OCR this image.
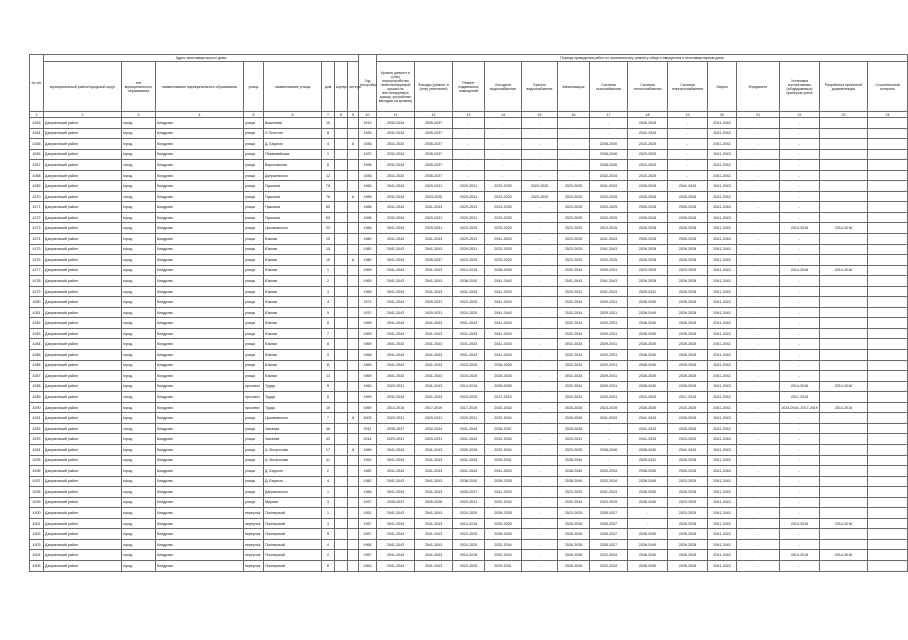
№ п/п	Адрес многоквартирного дома								Год постройки	Период проведения работ по капитальному ремонту общего имущества в многоквартирном доме													
	муниципальный район/городской округ	тип муниципального образования	наименование муниципального образования	улица	наименование улицы	дом	корпус	литера		Кровля (ремонт и (или) переустройство невентилируемой крыши на вентилируемую крышу, устройство выходов на кровлю)	Фасады (ремонт и (или) утепление)	Ремонт подвальных помещений	Холодное водоснабжение	Горячее водоснабжение	Канализация	Система газоснабжения	Система теплоснабжения	Система электроснабжения	Лифты	Фундамент	Установка коллективных (общедомовых) приборов учета	Разработка проектной документации	Строительный контроль
1	2	3	4	5	6	7	8	9	10	11	12	13	14	15	16	17	18	19	20	21	22	23	24
4263	Дзержинский район	город	Кондрово	улица	Вишневая	15			1919	2032-2034	2035-2037	-	-	-	-	-	2026-2028	-	2041-2043	-	-		
4264	Дзержинский район	город	Кондрово	улица	Л.Толстого	8			1928	2032-2034	2035-2037	-	-	-	-	-	2032-2034	-	2041-2043	-	-		
4265	Дзержинский район	город	Кондрово	улица	Д. Бедного	4		А	1936	2032-2034	2035-2037	-	-	-	-	2038-2040	2023-2025	-	2041-2043	-	-		
4266	Дзержинский район	город	Кондрово	улица	Первомайская	1			1937	2032-2034	2035-2037	-	-	-	-	2038-2040	2023-2025	-	2041-2043	-	-		
4267	Дзержинский район	город	Кондрово	улица	Вороновская	6			1938	2032-2034	2035-2037	-	-	-	-	2038-2040	2023-2025	-	2041-2043	-	-		
4268	Дзержинский район	город	Кондрово	улица	Дзержинского	12			1936	2032-2034	2035-2037	-	-	-	-	2032-2034	2023-2025	-	2041-2043	-	-		
4269	Дзержинский район	город	Кондрово	улица	Пушкина	78			1965	2041-2043	2029-2031	2029-2031	2023-2025	2023-2025	2023-2025	2041-2043	2026-2028	2041-2043	2041-2043	-	-		
4270	Дзержинский район	город	Кондрово	улица	Пушкина	78		А	1986	2032-2034	2023-2025	2029-2031	2023-2025	2023-2025	2023-2025	2023-2025	2026-2028	2026-2028	2041-2043	-	-		
4271	Дзержинский район	город	Кондрово	улица	Пушкина	80			1986	2041-2043	2041-2043	2029-2031	2023-2025	-	2023-2025	2023-2025	2026-2028	2026-2028	2041-2043	-	-		
4272	Дзержинский район	город	Кондрово	улица	Пушкина	90			1998	2032-2034	2029-2031	2029-2031	2023-2025	-	2023-2025	2023-2025	2026-2028	2026-2028	2041-2043	-	-		
4273	Дзержинский район	город	Кондрово	улица	Циолковского	23			1986	2041-2043	2029-2031	2023-2025	2023-2025	-	2023-2025	2014-2015	2026-2028	2026-2028	2041-2043	-	2014-2016	2014-2016	
4274	Дзержинский район	город	Кондрово	улица	Южная	10			1980	2041-2043	2041-2043	2029-2031	2041-2043	-	2023-2025	2041-2043	2026-2028	2026-2028	2041-2043	-	-		
4275	Дзержинский район	город	Кондрово	улица	Южная	15			1980	2041-2043	2041-2043	2029-2031	2023-2025	-	2023-2025	2041-2043	2026-2028	2026-2028	2041-2043	-	-		
4276	Дзержинский район	город	Кондрово	улица	Южная	15		А	1980	2041-2043	2035-2037	2023-2025	2023-2025	-	2023-2025	2023-2025	2026-2028	2026-2028	2041-2043	-	-		
4277	Дзержинский район	город	Кондрово	улица	Южная	1			1969	2041-2043	2041-2043	2014-2015	2026-2028	-	2032-2034	2029-2031	2023-2025	2023-2025	2041-2043	-	2014-2016	2014-2016	
4278	Дзержинский район	город	Кондрово	улица	Южная	2			1969	2041-2043	2041-2043	2038-2040	2041-2043	-	2041-2043	2041-2043	2026-2028	2026-2028	2041-2043	-	-		
4279	Дзержинский район	город	Кондрово	улица	Южная	3			1969	2041-2043	2041-2043	2041-2043	2041-2043	-	2029-2031	2041-2043	2029-2031	2026-2028	2041-2043	-	-		
4280	Дзержинский район	город	Кондрово	улица	Южная	4			1974	2041-2043	2029-2031	2023-2025	2041-2043	-	2032-2034	2029-2031	2038-2040	2026-2028	2041-2043	-	-		
4281	Дзержинский район	город	Кондрово	улица	Южная	5			1970	2041-2043	2029-2031	2023-2025	2041-2043	-	2032-2034	2029-2031	2038-2040	2026-2028	2041-2043	-	-		
4282	Дзержинский район	город	Кондрово	улица	Южная	6			1969	2041-2043	2041-2043	2041-2043	2041-2043	-	2032-2034	2029-2031	2038-2040	2026-2028	2041-2043	-	-		
4283	Дзержинский район	город	Кондрово	улица	Южная	7			1969	2041-2043	2041-2043	2041-2043	2041-2043	-	2032-2034	2029-2031	2038-2040	2026-2028	2041-2043	-	-		
4284	Дзержинский район	город	Кондрово	улица	Южная	8			1969	2041-2043	2041-2043	2041-2043	2041-2043	-	2032-2034	2029-2031	2038-2040	2026-2028	2041-2043	-	-		
4285	Дзержинский район	город	Кондрово	улица	Южная	9			1968	2041-2043	2041-2043	2041-2043	2041-2043	-	2032-2034	2029-2031	2038-2040	2026-2028	2041-2043	-	-		
4286	Дзержинский район	город	Кондрово	улица	Южная	11			1969	2041-2043	2041-2043	2023-2025	2026-2028	-	2032-2034	2029-2031	2038-2040	2026-2028	2041-2043	-	-		
4287	Дзержинский район	город	Кондрово	улица	Южная	13			1969	2041-2043	2041-2043	2023-2025	2026-2028	-	2032-2034	2029-2031	2038-2040	2026-2028	2041-2043	-	-		
4288	Дзержинский район	город	Кондрово	проспект	Труда	5			1960	2029-2031	2041-2043	2014-2016	2026-2028	-	2032-2034	2029-2031	2038-2040	2026-2028	2041-2043	-	2014-2016	2014-2016	
4289	Дзержинский район	город	Кондрово	проспект	Труда	6			1959	2032-2034	2041-2043	2023-2025	2017-2019	-	2032-2034	2029-2031	2023-2025	2017-2019	2041-2043	-	2017-2019		
4290	Дзержинский район	город	Кондрово	проспект	Труда	10			1959	2014-2016	2017-2019	2017-2019	2032-2034	-	2026-2028	2023-2025	2038-2040	2023-2025	2041-2043	-	2014-2016, 2017-2019	2014-2016	
4291	Дзержинский район	город	Кондрово	улица	Циолковского	7		А	2009	2029-2031	2029-2031	2029-2031	2032-2034	-	2026-2028	2041-2043	2041-2043	2026-2028	2041-2043	-	-		
4292	Дзержинский район	город	Кондрово	улица	Чапаева	46			2011	2035-2037	2032-2034	2041-2043	2035-2037	-	2026-2028	-	2041-2043	2026-2028	2041-2043	-	-		
4293	Дзержинский район	город	Кондрово	улица	Чапаева	42			2014	2029-2031	2029-2031	2041-2043	2032-2034	-	2029-2031	-	2041-2043	2023-2025	2041-2043	-	-		
4294	Дзержинский район	город	Кондрово	улица	А. Матросова	17		А	1989	2041-2043	2041-2043	2026-2028	2032-2034	-	2023-2025	2038-2040	2038-2040	2041-2043	2041-2043	-	-		
4295	Дзержинский район	город	Кондрово	улица	А. Матросова	41			1952	2041-2043	2041-2043	2041-2043	2029-2031	-	2038-2040	-	2029-2031	2026-2028	2041-2043	-	-		
4296	Дзержинский район	город	Кондрово	улица	Д. Бедного	2			1982	2041-2043	2041-2043	2041-2043	2041-2043	-	2038-2040	2032-2034	2038-2040	2026-2028	2041-2043	-	-		
4297	Дзержинский район	город	Кондрово	улица	Д. Бедного	4			1982	2041-2043	2041-2043	2038-2040	2026-2028	-	2038-2040	2032-2034	2038-2040	2023-2025	2041-2043	-	-		
4298	Дзержинский район	город	Кондрово	улица	Дзержинского	1			1986	2041-2043	2041-2043	2035-2037	2041-2043	-	2023-2025	2041-2043	2038-2040	2026-2028	2041-2043	-	-		
4299	Дзержинский район	город	Кондрово	улица	Мирная	3			1937	2035-2037	2026-2028	2029-2031	2032-2034	-	2032-2034	2023-2025	2038-2040	2023-2025	2041-2043	-	-		
4300	Дзержинский район	город	Кондрово	переулок	Пионерский	1			1951	2041-2043	2041-2043	2023-2025	2026-2028	-	2023-2025	2035-2037	-	2023-2025	2041-2043	-	-		
4301	Дзержинский район	город	Кондрово	переулок	Пионерский	3			1957	2041-2043	2041-2043	2014-2016	2026-2028	-	2026-2028	2035-2037	-	2026-2028	2041-2043	-	2014-2016	2014-2016	
4302	Дзержинский район	город	Кондрово	переулок	Пионерский	5			1957	2041-2043	2041-2043	2023-2025	2026-2028	-	2026-2028	2035-2037	2038-2040	2026-2028	2041-2043	-	-		
4303	Дзержинский район	город	Кондрово	переулок	Пионерский	4			1966	2041-2043	2041-2043	2023-2025	2032-2034	-	2026-2028	2035-2037	2038-2040	2026-2028	2041-2043	-	-		
4304	Дзержинский район	город	Кондрово	переулок	Пионерский	2			1957	2041-2043	2041-2043	2014-2016	2032-2034	-	2026-2028	2032-2034	2038-2040	2026-2028	2041-2043	-	2014-2016	2014-2016	
4305	Дзержинский район	город	Кондрово	переулок	Пионерский	6			1963	2041-2043	2041-2043	2023-2025	2029-2031	-	2026-2028	2032-2034	2038-2040	2026-2028	2041-2043	-	-		
